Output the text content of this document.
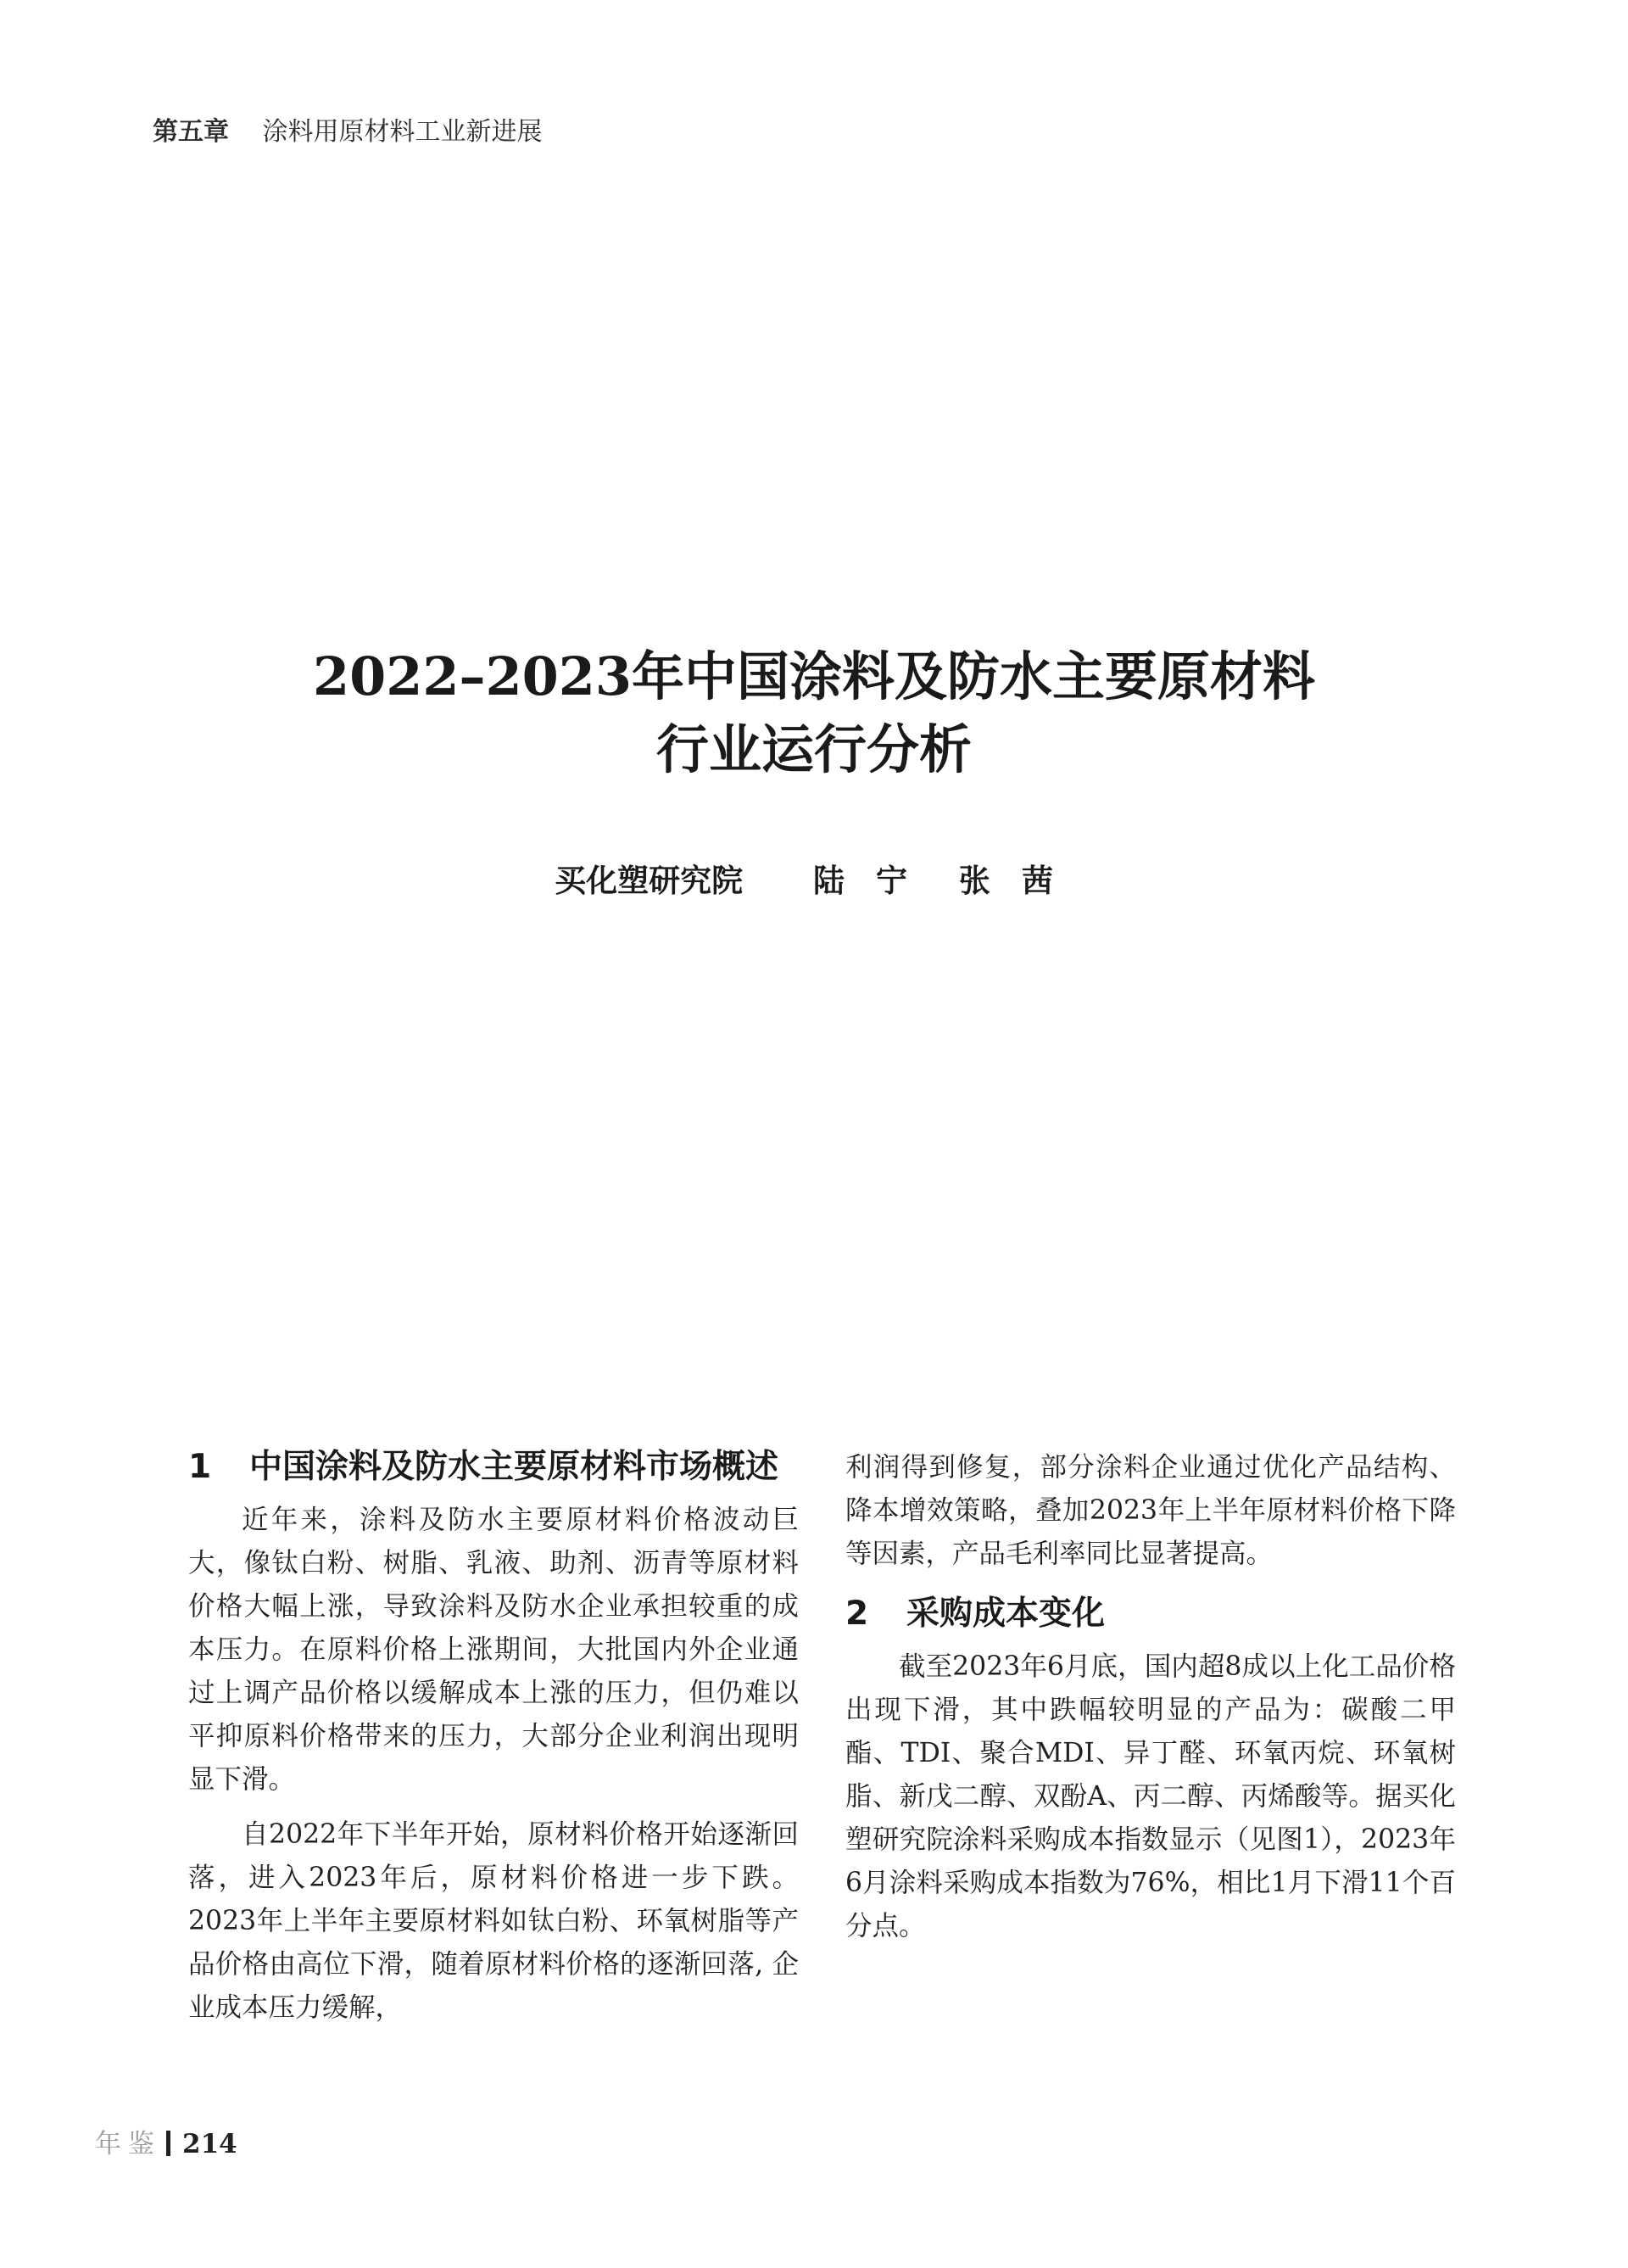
第五章 涂料用原材料工业新进展
2022–2023年中国涂料及防水主要原材料
行业运行分析
买化塑研究院 陆　宁 张　茜
1	中国涂料及防水主要原材料市场概述

近年来，涂料及防水主要原材料价格波动巨大，像钛白粉、树脂、乳液、助剂、沥青等原材料价格大幅上涨，导致涂料及防水企业承担较重的成本压力。在原料价格上涨期间，大批国内外企业通过上调产品价格以缓解成本上涨的压力，但仍难以平抑原料价格带来的压力，大部分企业利润出现明显下滑。

自2022年下半年开始，原材料价格开始逐渐回落，进入2023年后，原材料价格进一步下跌。2023年上半年主要原材料如钛白粉、环氧树脂等产品价格由高位下滑，随着原材料价格的逐渐回落, 企业成本压力缓解，

利润得到修复，部分涂料企业通过优化产品结构、降本增效策略，叠加2023年上半年原材料价格下降等因素，产品毛利率同比显著提高。

2	采购成本变化

截至2023年6月底，国内超8成以上化工品价格出现下滑，其中跌幅较明显的产品为：碳酸二甲酯、TDI、聚合MDI、异丁醛、环氧丙烷、环氧树脂、新戊二醇、双酚A、丙二醇、丙烯酸等。据买化塑研究院涂料采购成本指数显示（见图1），2023年6月涂料采购成本指数为76%，相比1月下滑11个百分点。

年鉴 214
